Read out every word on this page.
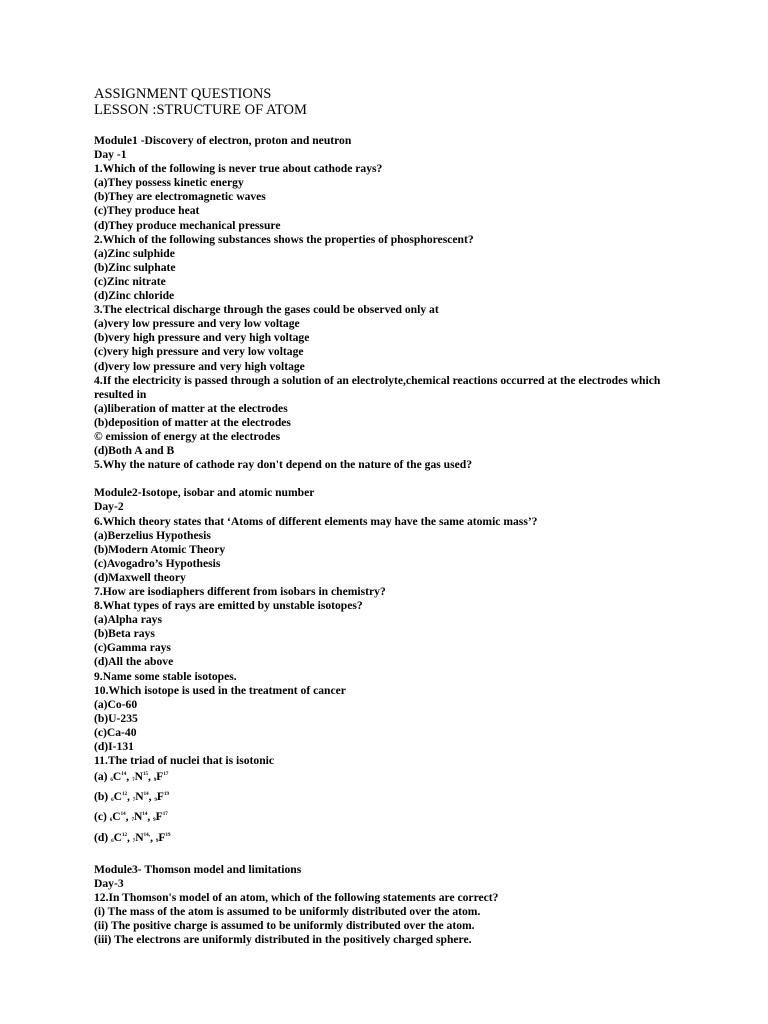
ASSIGNMENT QUESTIONS
LESSON :STRUCTURE OF ATOM
Module1 -Discovery of electron, proton and neutron
Day -1
1.Which of the following is never true about cathode rays?
(a)They possess kinetic energy
(b)They are electromagnetic waves
(c)They produce heat
(d)They produce mechanical pressure
2.Which of the following substances shows the properties of phosphorescent?
(a)Zinc sulphide
(b)Zinc sulphate
(c)Zinc nitrate
(d)Zinc chloride
3.The electrical discharge through the gases could be observed only at
(a)very low pressure and very low voltage
(b)very high pressure and very high voltage
(c)very high pressure and very low voltage
(d)very low pressure and very high voltage
4.If the electricity is passed through a solution of an electrolyte,chemical reactions occurred at the electrodes which resulted in
(a)liberation of matter at the electrodes
(b)deposition of matter at the electrodes
© emission of energy at the electrodes
(d)Both A and B
5.Why the nature of cathode ray don't depend on the nature of the gas used?
Module2-Isotope, isobar and atomic number
Day-2
6.Which theory states that ‘Atoms of different elements may have the same atomic mass’?
(a)Berzelius Hypothesis
(b)Modern Atomic Theory
(c)Avogadro’s Hypothesis
(d)Maxwell theory
7.How are isodiaphers different from isobars in chemistry?
8.What types of rays are emitted by unstable isotopes?
(a)Alpha rays
(b)Beta rays
(c)Gamma rays
(d)All the above
9.Name some stable isotopes.
10.Which isotope is used in the treatment of cancer
(a)Co-60
(b)U-235
(c)Ca-40
(d)I-131
11.The triad of nuclei that is isotonic
(a) $_6C^{14}$, $_7N^{15}$, $_9F^{17}$
(b) $_6C^{12}$, $_7N^{14}$, $_9F^{19}$
(c) $_6C^{14}$, $_7N^{14}$, $_9F^{17}$
(d) $_6C^{12}$, $_7N^{14_a}$, $_9F^{19}$
Module3- Thomson model and limitations
Day-3
12.In Thomson's model of an atom, which of the following statements are correct?
(i) The mass of the atom is assumed to be uniformly distributed over the atom.
(ii) The positive charge is assumed to be uniformly distributed over the atom.
(iii) The electrons are uniformly distributed in the positively charged sphere.
